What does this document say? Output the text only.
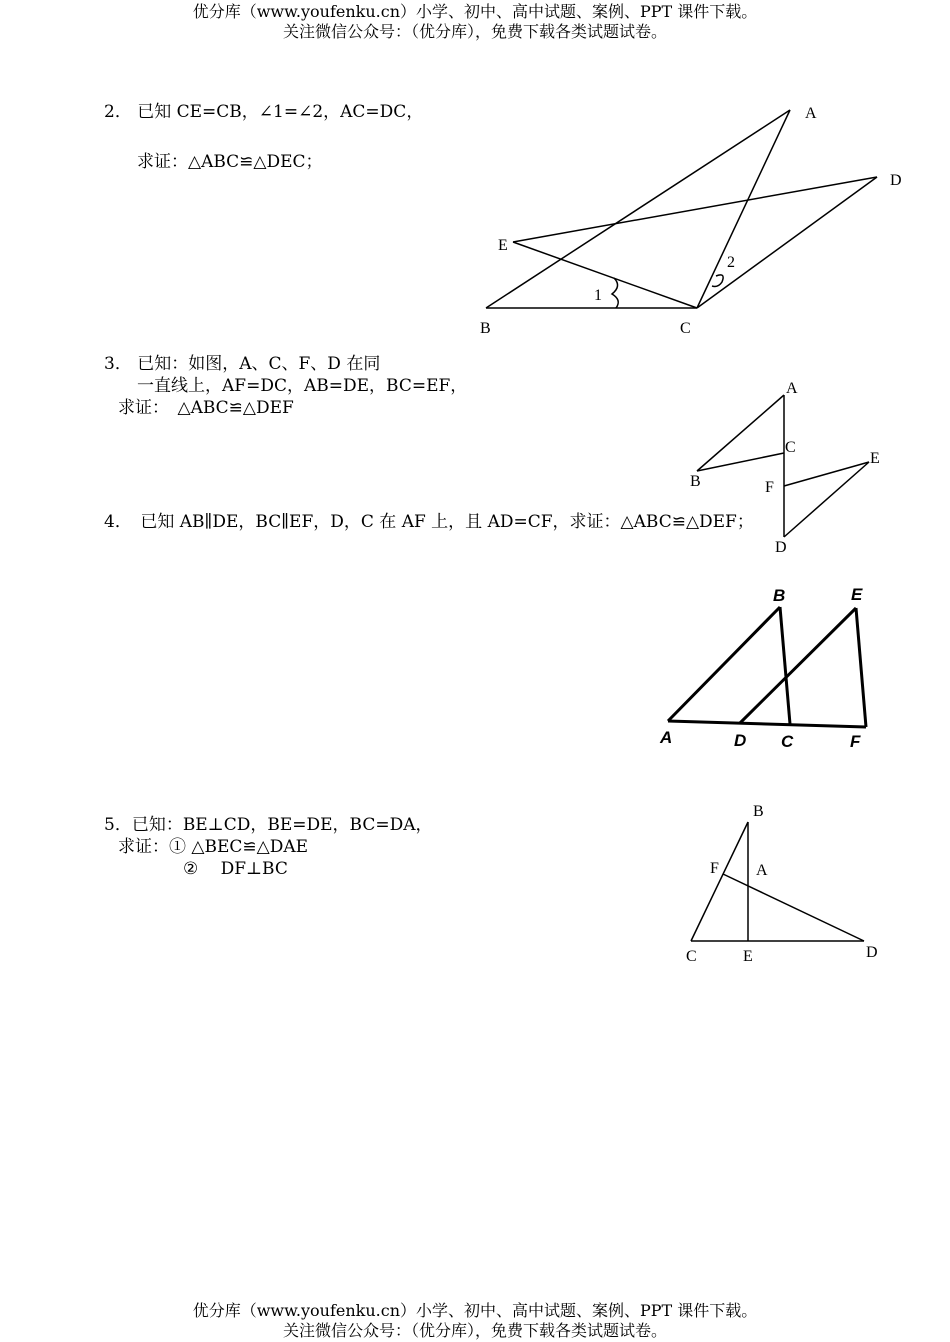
优分库（www.youfenku.cn）小学、初中、高中试题、案例、PPT 课件下载。
关注微信公众号：（优分库），免费下载各类试题试卷。
2． 已知 CE=CB，∠1=∠2，AC=DC，
求证：△ABC≌△DEC；
A
D
E
2
1
B	C
3． 已知：如图，A、C、F、D 在同
一直线上，AF=DC，AB=DE，BC=EF，
求证：　△ABC≌△DEF
A
C
E
B	F
D
4．　已知 AB∥DE，BC∥EF，D，C 在 AF 上，且 AD=CF，求证：△ABC≌△DEF；
B	E
A	D C	F
5．已知：BE⊥CD，BE=DE，BC=DA，
求证：① △BEC≌△DAE
②　 DF⊥BC
B
F A
C	E	D
优分库（www.youfenku.cn）小学、初中、高中试题、案例、PPT 课件下载。
关注微信公众号：（优分库），免费下载各类试题试卷。
